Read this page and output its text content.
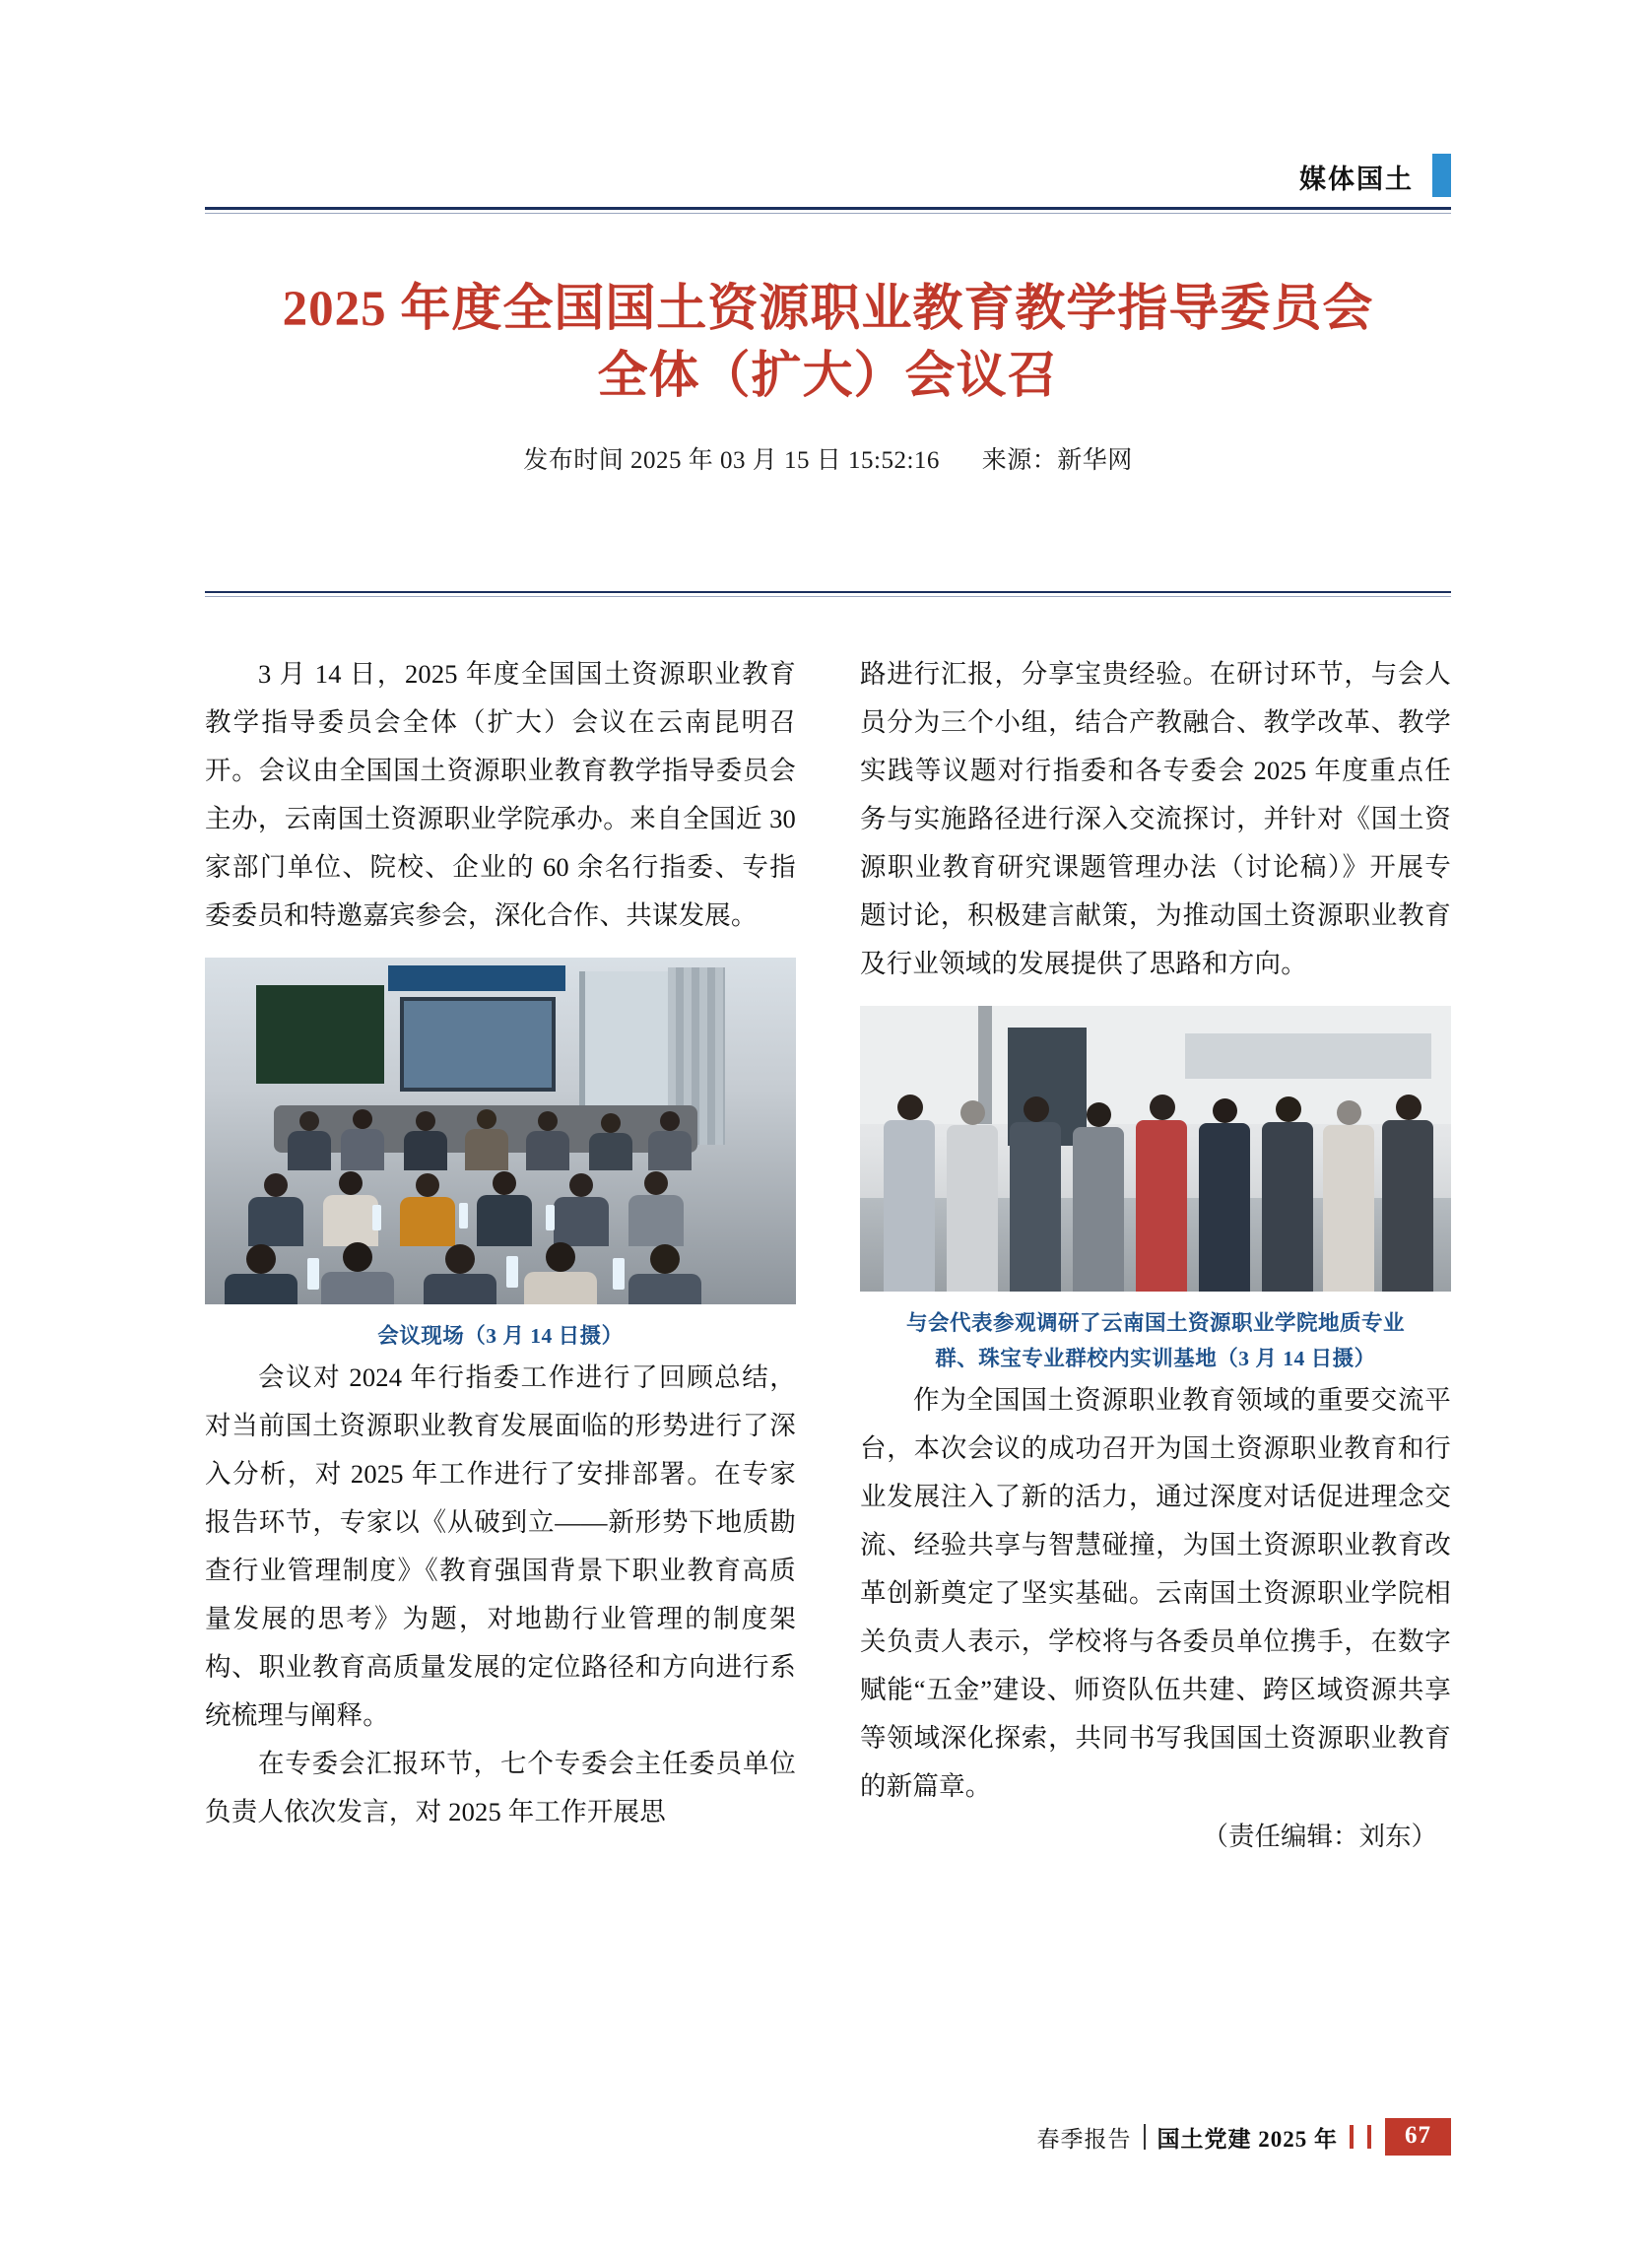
媒体国土
2025 年度全国国土资源职业教育教学指导委员会
全体（扩大）会议召
发布时间 2025 年 03 月 15 日 15:52:16 来源：新华网

3 月 14 日，2025 年度全国国土资源职业教育教学指导委员会全体（扩大）会议在云南昆明召开。会议由全国国土资源职业教育教学指导委员会主办，云南国土资源职业学院承办。来自全国近 30 家部门单位、院校、企业的 60 余名行指委、专指委委员和特邀嘉宾参会，深化合作、共谋发展。

会议现场（3 月 14 日摄）

会议对 2024 年行指委工作进行了回顾总结，对当前国土资源职业教育发展面临的形势进行了深入分析，对 2025 年工作进行了安排部署。在专家报告环节，专家以《从破到立——新形势下地质勘查行业管理制度》《教育强国背景下职业教育高质量发展的思考》为题，对地勘行业管理的制度架构、职业教育高质量发展的定位路径和方向进行系统梳理与阐释。

在专委会汇报环节，七个专委会主任委员单位负责人依次发言，对 2025 年工作开展思

路进行汇报，分享宝贵经验。在研讨环节，与会人员分为三个小组，结合产教融合、教学改革、教学实践等议题对行指委和各专委会 2025 年度重点任务与实施路径进行深入交流探讨，并针对《国土资源职业教育研究课题管理办法（讨论稿）》开展专题讨论，积极建言献策，为推动国土资源职业教育及行业领域的发展提供了思路和方向。

与会代表参观调研了云南国土资源职业学院地质专业
群、珠宝专业群校内实训基地（3 月 14 日摄）

作为全国国土资源职业教育领域的重要交流平台，本次会议的成功召开为国土资源职业教育和行业发展注入了新的活力，通过深度对话促进理念交流、经验共享与智慧碰撞，为国土资源职业教育改革创新奠定了坚实基础。云南国土资源职业学院相关负责人表示，学校将与各委员单位携手，在数字赋能“五金”建设、师资队伍共建、跨区域资源共享等领域深化探索，共同书写我国国土资源职业教育的新篇章。

（责任编辑：刘东）
春季报告 国土党建 2025 年	67
